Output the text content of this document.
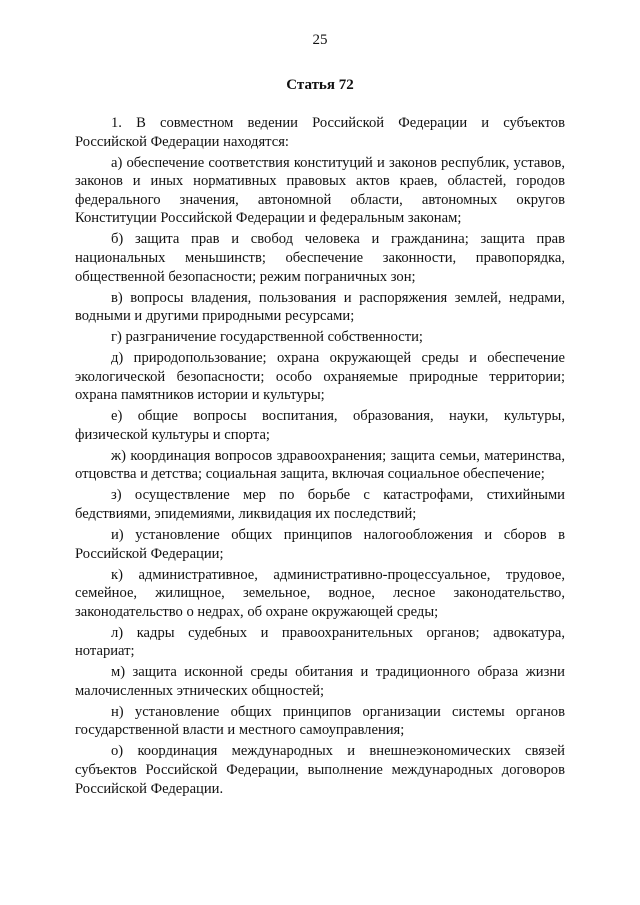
25
Статья 72

1. В совместном ведении Российской Федерации и субъектов Российской Федерации находятся:

а) обеспечение соответствия конституций и законов республик, уставов, законов и иных нормативных правовых актов краев, областей, городов федерального значения, автономной области, автономных округов Конституции Российской Федерации и федеральным законам;

б) защита прав и свобод человека и гражданина; защита прав национальных меньшинств; обеспечение законности, правопорядка, общественной безопасности; режим пограничных зон;

в) вопросы владения, пользования и распоряжения землей, недрами, водными и другими природными ресурсами;

г) разграничение государственной собственности;

д) природопользование; охрана окружающей среды и обеспечение экологической безопасности; особо охраняемые природные территории; охрана памятников истории и культуры;

е) общие вопросы воспитания, образования, науки, культуры, физической культуры и спорта;

ж) координация вопросов здравоохранения; защита семьи, материнства, отцовства и детства; социальная защита, включая социальное обеспечение;

з) осуществление мер по борьбе с катастрофами, стихийными бедствиями, эпидемиями, ликвидация их последствий;

и) установление общих принципов налогообложения и сборов в Российской Федерации;

к) административное, административно-процессуальное, трудовое, семейное, жилищное, земельное, водное, лесное законодательство, законодательство о недрах, об охране окружающей среды;

л) кадры судебных и правоохранительных органов; адвокатура, нотариат;

м) защита исконной среды обитания и традиционного образа жизни малочисленных этнических общностей;

н) установление общих принципов организации системы органов государственной власти и местного самоуправления;

о) координация международных и внешнеэкономических связей субъектов Российской Федерации, выполнение международных договоров Российской Федерации.
